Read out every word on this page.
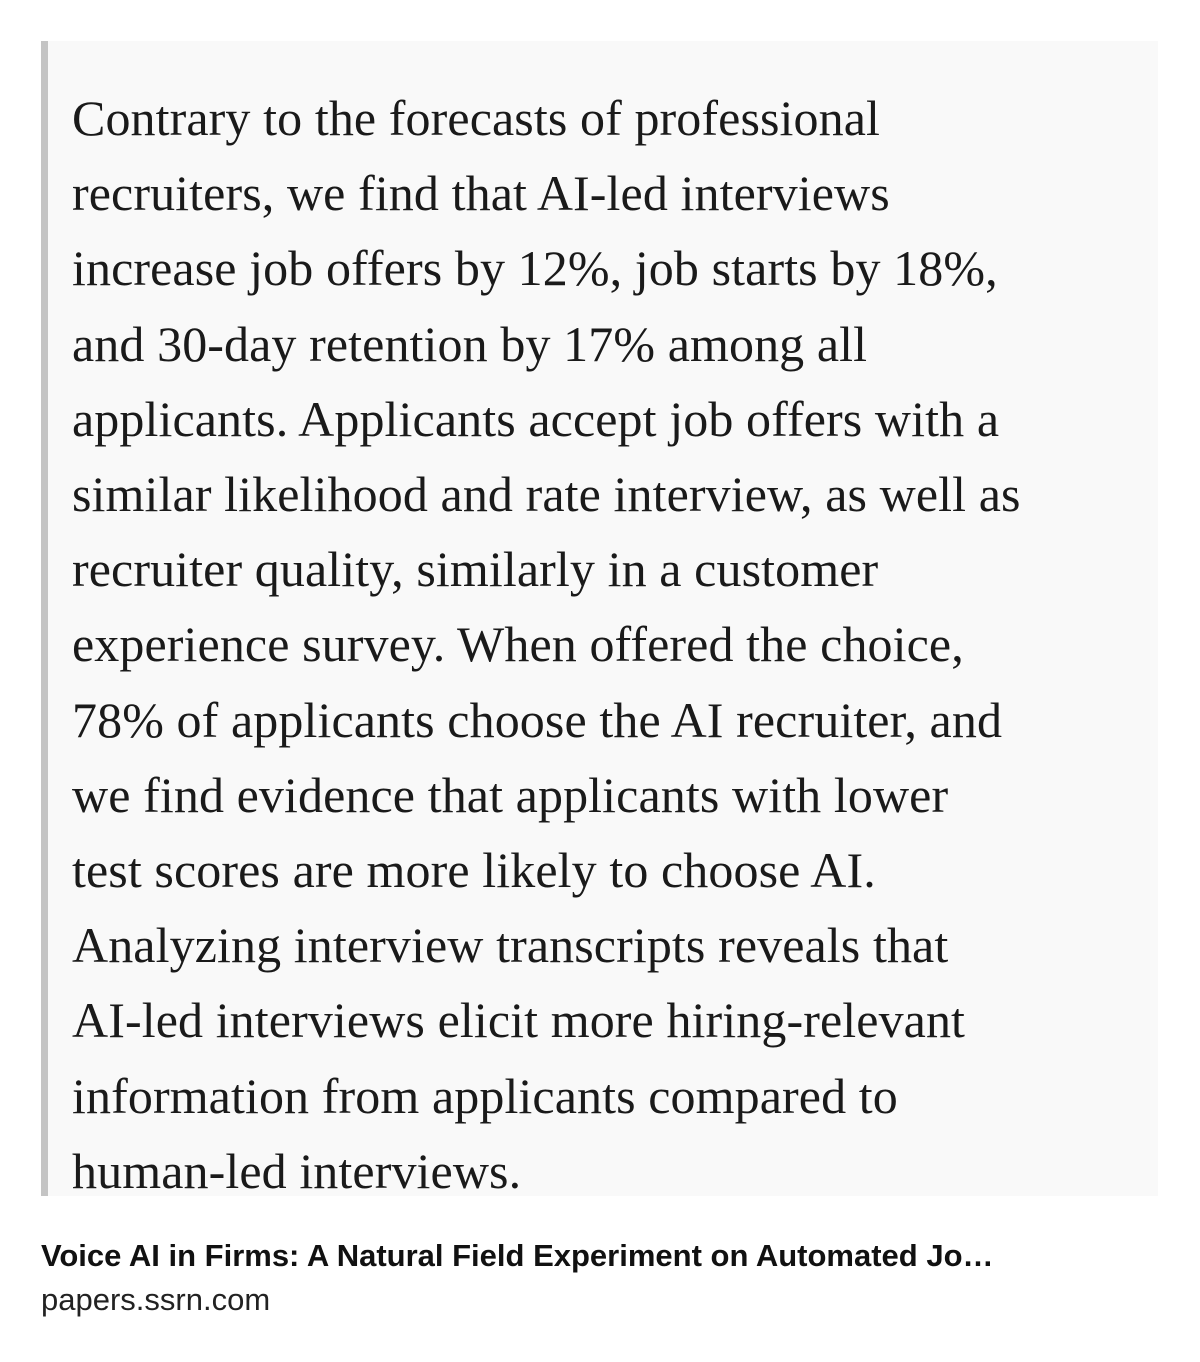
Contrary to the forecasts of professional
recruiters, we find that AI-led interviews
increase job offers by 12%, job starts by 18%,
and 30-day retention by 17% among all
applicants. Applicants accept job offers with a
similar likelihood and rate interview, as well as
recruiter quality, similarly in a customer
experience survey. When offered the choice,
78% of applicants choose the AI recruiter, and
we find evidence that applicants with lower
test scores are more likely to choose AI.
Analyzing interview transcripts reveals that
AI-led interviews elicit more hiring-relevant
information from applicants compared to
human-led interviews.

Voice AI in Firms: A Natural Field Experiment on Automated Jo…
papers.ssrn.com
